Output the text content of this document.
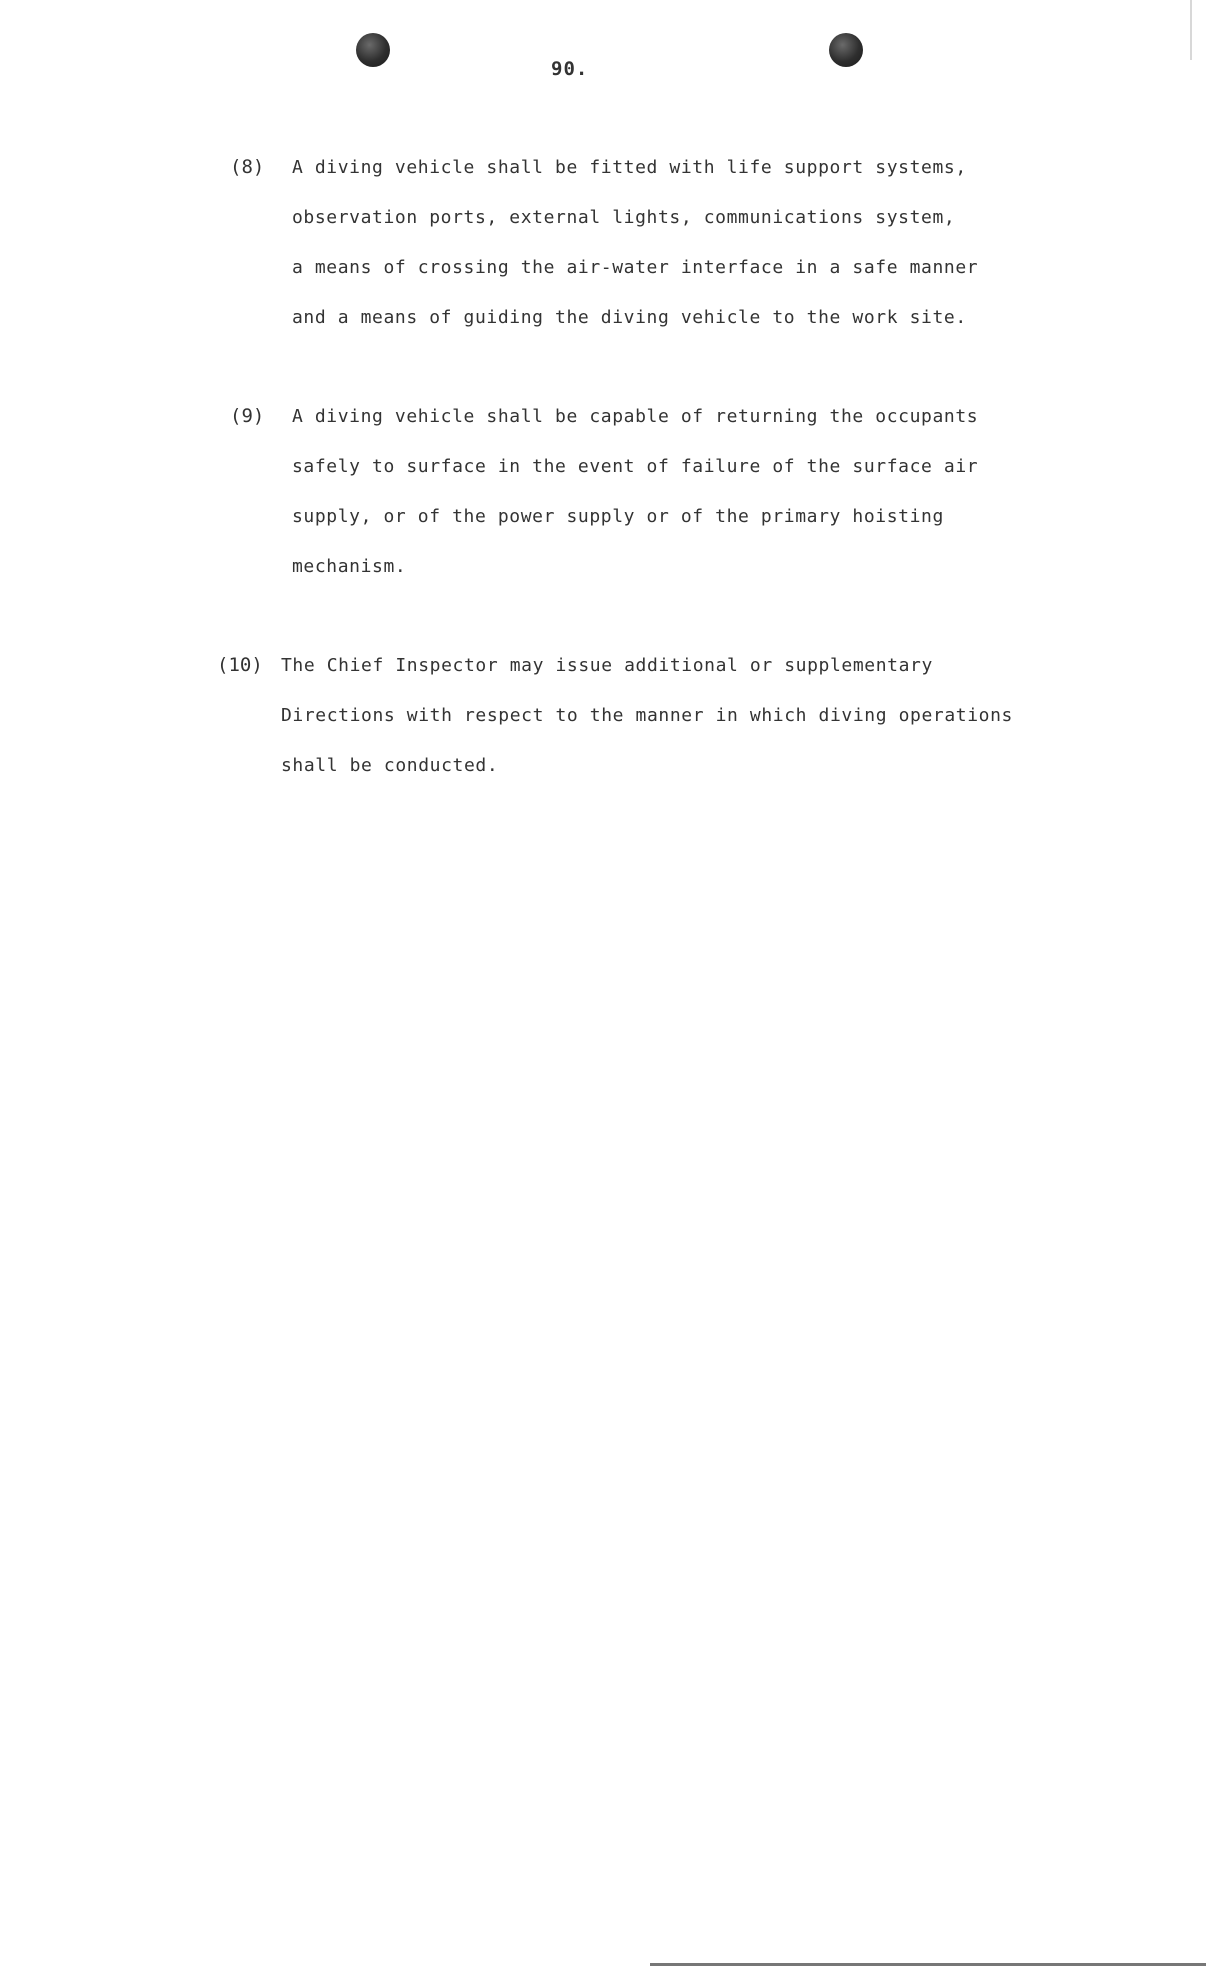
90.
(8) A diving vehicle shall be fitted with life support systems,
observation ports, external lights, communications system,
a means of crossing the air-water interface in a safe manner
and a means of guiding the diving vehicle to the work site.
(9) A diving vehicle shall be capable of returning the occupants
safely to surface in the event of failure of the surface air
supply, or of the power supply or of the primary hoisting
mechanism.
(10) The Chief Inspector may issue additional or supplementary
Directions with respect to the manner in which diving operations
shall be conducted.
